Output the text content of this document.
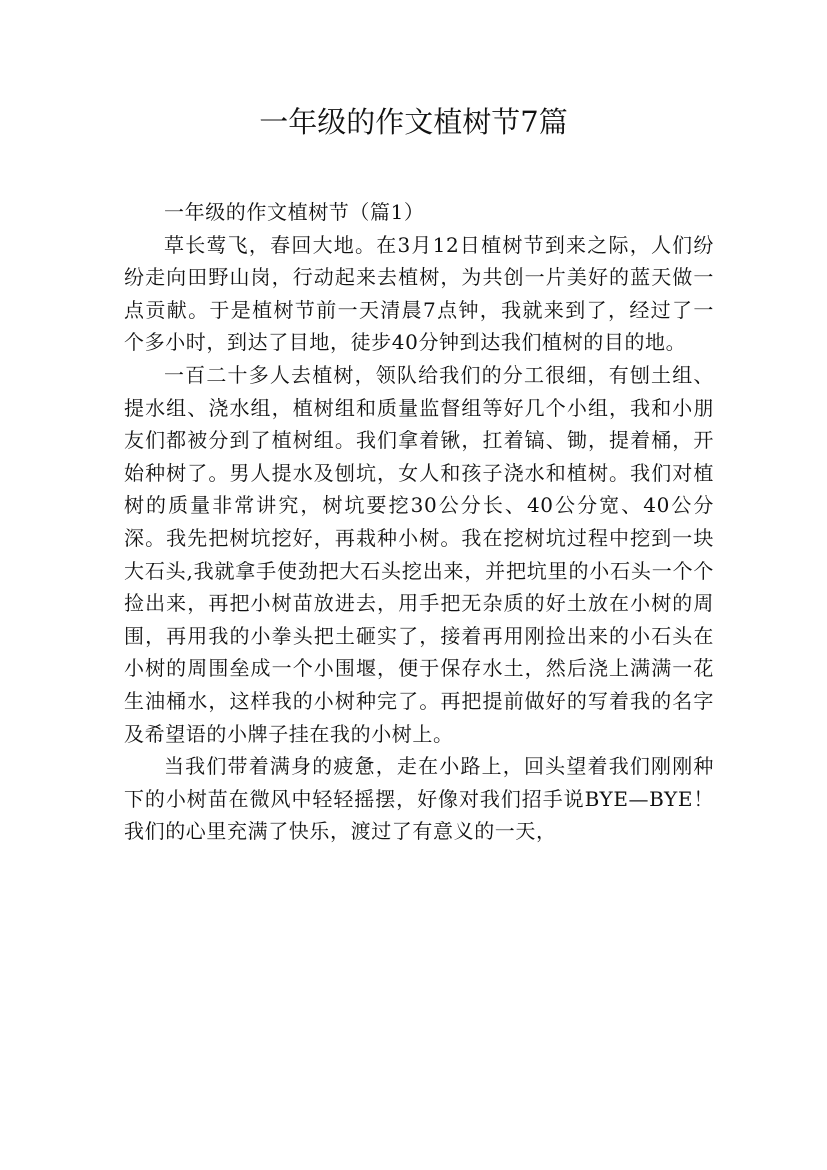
一年级的作文植树节7篇

一年级的作文植树节（篇1）

草长莺飞，春回大地。在3月12日植树节到来之际，人们纷纷走向田野山岗，行动起来去植树，为共创一片美好的蓝天做一点贡献。于是植树节前一天清晨7点钟，我就来到了，经过了一个多小时，到达了目地，徒步40分钟到达我们植树的目的地。

一百二十多人去植树，领队给我们的分工很细，有刨土组、提水组、浇水组，植树组和质量监督组等好几个小组，我和小朋友们都被分到了植树组。我们拿着锹，扛着镐、锄，提着桶，开始种树了。男人提水及刨坑，女人和孩子浇水和植树。我们对植树的质量非常讲究，树坑要挖30公分长、40公分宽、40公分深。我先把树坑挖好，再栽种小树。我在挖树坑过程中挖到一块大石头,我就拿手使劲把大石头挖出来，并把坑里的小石头一个个捡出来，再把小树苗放进去，用手把无杂质的好土放在小树的周围，再用我的小拳头把土砸实了，接着再用刚捡出来的小石头在小树的周围垒成一个小围堰，便于保存水土，然后浇上满满一花生油桶水，这样我的小树种完了。再把提前做好的写着我的名字及希望语的小牌子挂在我的小树上。

当我们带着满身的疲惫，走在小路上，回头望着我们刚刚种下的小树苗在微风中轻轻摇摆，好像对我们招手说BYE—BYE！我们的心里充满了快乐，渡过了有意义的一天，
